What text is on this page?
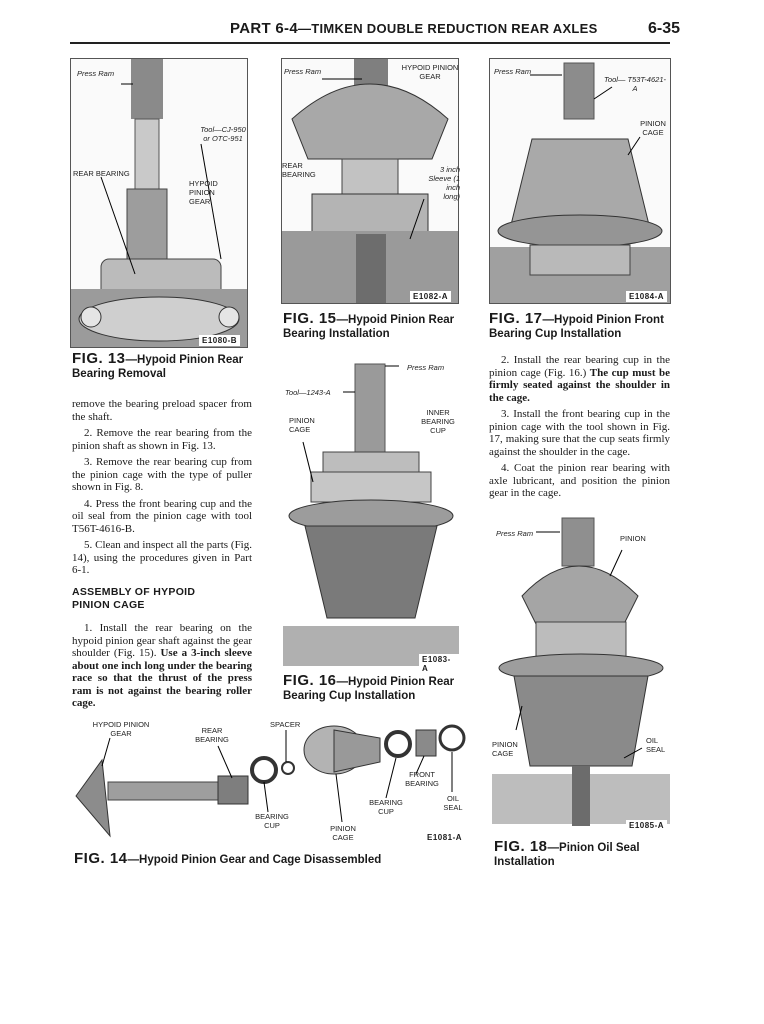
PART 6-4—TIMKEN DOUBLE REDUCTION REAR AXLES	6-35
Press Ram
Tool—CJ-950 or OTC-951
REAR BEARING
HYPOID PINION GEAR
E1080-B
FIG. 13—Hypoid Pinion Rear Bearing Removal

remove the bearing preload spacer from the shaft.

2. Remove the rear bearing from the pinion shaft as shown in Fig. 13.

3. Remove the rear bearing cup from the pinion cage with the type of puller shown in Fig. 8.

4. Press the front bearing cup and the oil seal from the pinion cage with tool T56T-4616-B.

5. Clean and inspect all the parts (Fig. 14), using the procedures given in Part 6-1.

ASSEMBLY OF HYPOID PINION CAGE

1. Install the rear bearing on the hypoid pinion gear shaft against the gear shoulder (Fig. 15). Use a 3-inch sleeve about one inch long under the bearing race so that the thrust of the press ram is not against the bearing roller cage.

Press Ram	HYPOID PINION GEAR
REAR BEARING
3 inch Sleeve (1 inch long)
E1082-A
FIG. 15—Hypoid Pinion Rear Bearing Installation
Press Ram
Tool—1243-A
PINION CAGE
INNER BEARING CUP
E1083-A
FIG. 16—Hypoid Pinion Rear Bearing Cup Installation
Press Ram
Tool— T53T-4621-A
PINION CAGE
E1084-A
FIG. 17—Hypoid Pinion Front Bearing Cup Installation

2. Install the rear bearing cup in the pinion cage (Fig. 16.) The cup must be firmly seated against the shoulder in the cage.

3. Install the front bearing cup in the pinion cage with the tool shown in Fig. 17, making sure that the cup seats firmly against the shoulder in the cage.

4. Coat the pinion rear bearing with axle lubricant, and position the pinion gear in the cage.

Press Ram
PINION
PINION CAGE
OIL SEAL
E1085-A
FIG. 18—Pinion Oil Seal Installation
HYPOID PINION GEAR	REAR BEARING
SPACER
BEARING CUP	PINION CAGE
BEARING CUP
FRONT BEARING
OIL SEAL
E1081-A
FIG. 14—Hypoid Pinion Gear and Cage Disassembled
